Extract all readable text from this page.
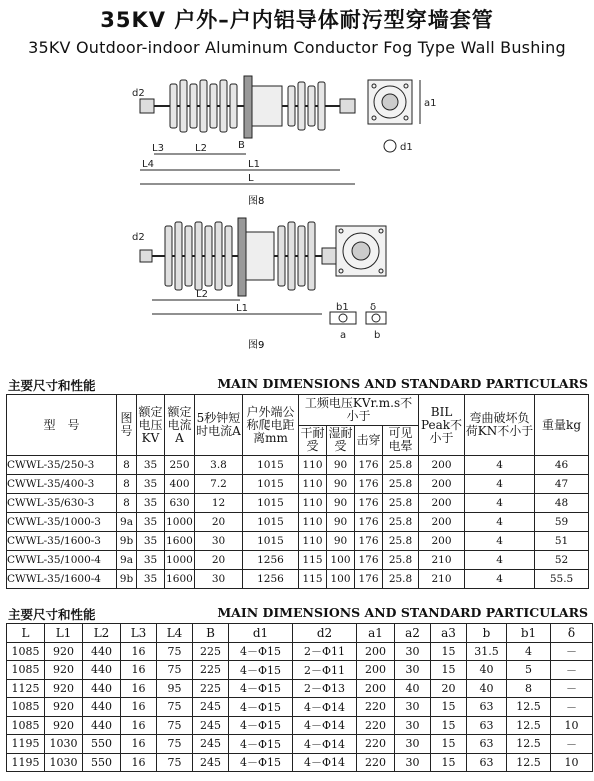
35KV 户外–户内铝导体耐污型穿墙套管
35KV Outdoor-indoor Aluminum Conductor Fog Type Wall Bushing
图8
d2
L2
L3
L4	L1
L
B
a1
d1
图9
d2
L2
L1	b1 δ
a	b
主要尺寸和性能	MAIN DIMENSIONS AND STANDARD PARTICULARS
型　号	图号	额定电压KV	额定电流A	5秒钟短时电流A	户外端公称爬电距离mm	工频电压KVr.m.s不小于				BIL Peak不小于	弯曲破坏负荷KN不小于	重量kg
						干耐受	湿耐受	击穿	可见电晕			
CWWL-35/250-3	8	35	250	3.8	1015	110	90	176	25.8	200	4	46
CWWL-35/400-3	8	35	400	7.2	1015	110	90	176	25.8	200	4	47
CWWL-35/630-3	8	35	630	12	1015	110	90	176	25.8	200	4	48
CWWL-35/1000-3	9a	35	1000	20	1015	110	90	176	25.8	200	4	59
CWWL-35/1600-3	9b	35	1600	30	1015	110	90	176	25.8	200	4	51
CWWL-35/1000-4	9a	35	1000	20	1256	115	100	176	25.8	210	4	52
CWWL-35/1600-4	9b	35	1600	30	1256	115	100	176	25.8	210	4	55.5
主要尺寸和性能	MAIN DIMENSIONS AND STANDARD PARTICULARS
L	L1	L2	L3	L4	B	d1	d2	a1	a2	a3	b	b1	δ
1085	920	440	16	75	225	4－Φ15	2－Φ11	200	30	15	31.5	4	－
1085	920	440	16	75	225	4－Φ15	2－Φ11	200	30	15	40	5	－
1125	920	440	16	95	225	4－Φ15	2－Φ13	200	40	20	40	8	－
1085	920	440	16	75	245	4－Φ15	4－Φ14	220	30	15	63	12.5	－
1085	920	440	16	75	245	4－Φ15	4－Φ14	220	30	15	63	12.5	10
1195	1030	550	16	75	245	4－Φ15	4－Φ14	220	30	15	63	12.5	－
1195	1030	550	16	75	245	4－Φ15	4－Φ14	220	30	15	63	12.5	10
